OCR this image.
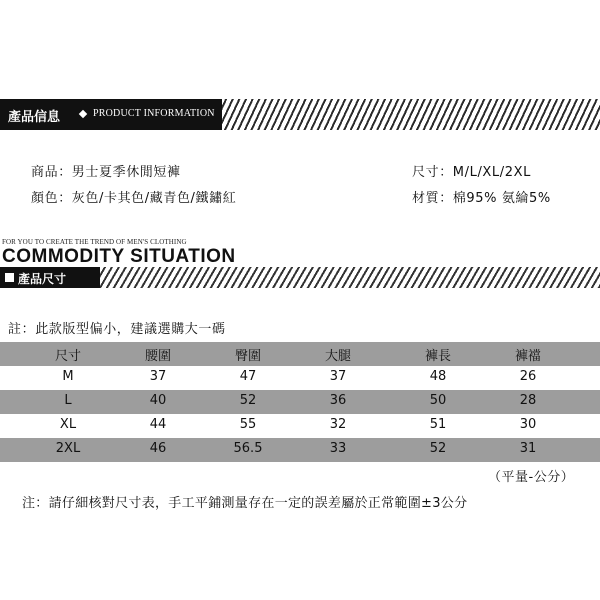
產品信息	PRODUCT INFORMATION
商品：男士夏季休閒短褲	尺寸：M/L/XL/2XL
顏色：灰色/卡其色/藏青色/鐵鏽紅	材質：棉95% 氨綸5%
FOR YOU TO CREATE THE TREND OF MEN'S CLOTHING
COMMODITY SITUATION
產品尺寸
註：此款版型偏小，建議選購大一碼
尺寸	腰圍	臀圍	大腿	褲長	褲襠
M	37	47	37	48	26
L	40	52	36	50	28
XL	44	55	32	51	30
2XL	46	56.5	33	52	31
（平量-公分）
注：請仔細核對尺寸表，手工平鋪測量存在一定的誤差屬於正常範圍±3公分
